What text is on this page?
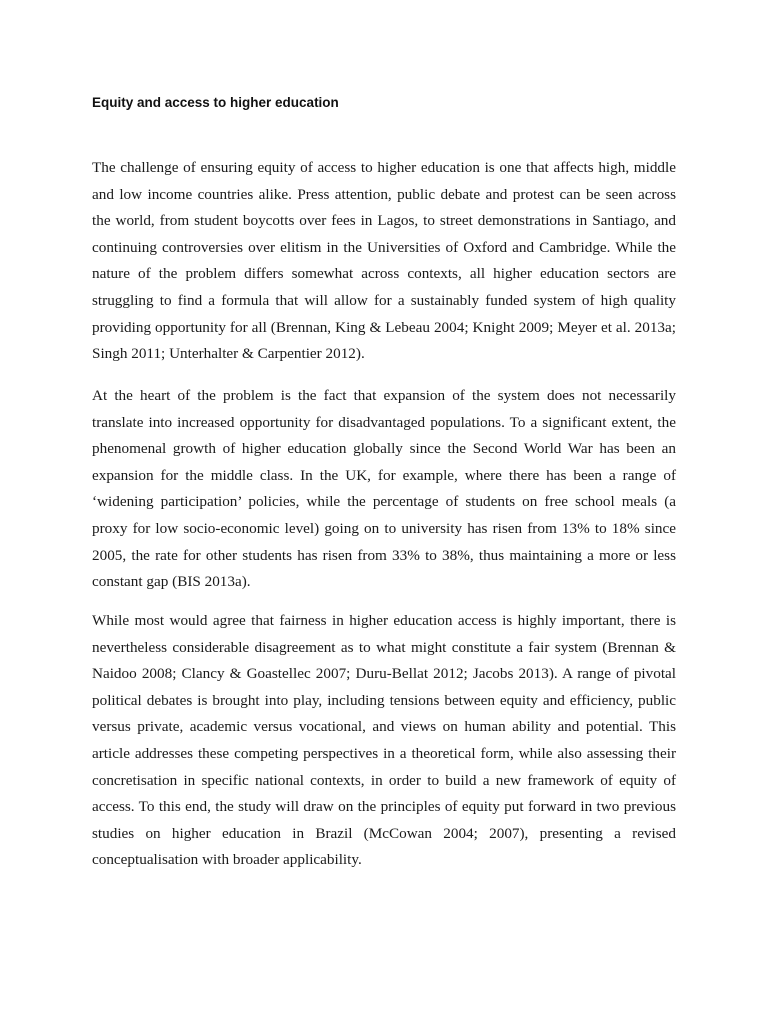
Equity and access to higher education

The challenge of ensuring equity of access to higher education is one that affects high, middle and low income countries alike. Press attention, public debate and protest can be seen across the world, from student boycotts over fees in Lagos, to street demonstrations in Santiago, and continuing controversies over elitism in the Universities of Oxford and Cambridge. While the nature of the problem differs somewhat across contexts, all higher education sectors are struggling to find a formula that will allow for a sustainably funded system of high quality providing opportunity for all (Brennan, King & Lebeau 2004; Knight 2009; Meyer et al. 2013a; Singh 2011; Unterhalter & Carpentier 2012).

At the heart of the problem is the fact that expansion of the system does not necessarily translate into increased opportunity for disadvantaged populations. To a significant extent, the phenomenal growth of higher education globally since the Second World War has been an expansion for the middle class. In the UK, for example, where there has been a range of ‘widening participation’ policies, while the percentage of students on free school meals (a proxy for low socio-economic level) going on to university has risen from 13% to 18% since 2005, the rate for other students has risen from 33% to 38%, thus maintaining a more or less constant gap (BIS 2013a).

While most would agree that fairness in higher education access is highly important, there is nevertheless considerable disagreement as to what might constitute a fair system (Brennan & Naidoo 2008; Clancy & Goastellec 2007; Duru-Bellat 2012; Jacobs 2013). A range of pivotal political debates is brought into play, including tensions between equity and efficiency, public versus private, academic versus vocational, and views on human ability and potential. This article addresses these competing perspectives in a theoretical form, while also assessing their concretisation in specific national contexts, in order to build a new framework of equity of access. To this end, the study will draw on the principles of equity put forward in two previous studies on higher education in Brazil (McCowan 2004; 2007), presenting a revised conceptualisation with broader applicability.
